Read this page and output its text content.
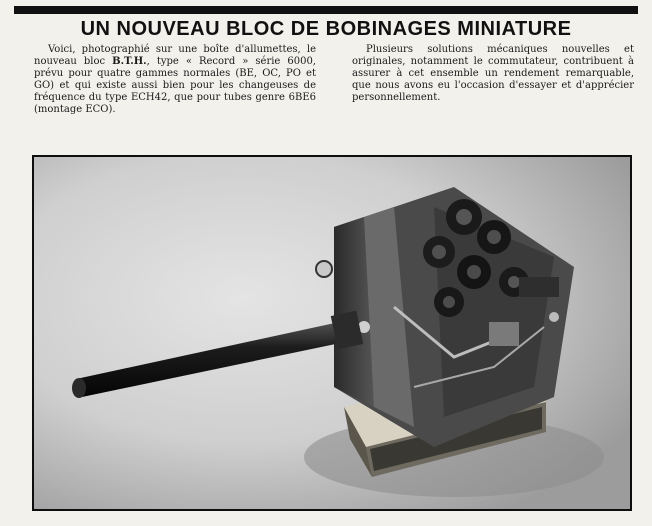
UN NOUVEAU BLOC DE BOBINAGES MINIATURE

Voici, photographié sur une boîte d'allumettes, le nouveau bloc B.T.H., type « Record » série 6000, prévu pour quatre gammes normales (BE, OC, PO et GO) et qui existe aussi bien pour les changeuses de fréquence du type ECH42, que pour tubes genre 6BE6 (montage ECO).

Plusieurs solutions mécaniques nouvelles et originales, notamment le commutateur, contribuent à assurer à cet ensemble un rendement remarquable, que nous avons eu l'occasion d'essayer et d'apprécier personnellement.
